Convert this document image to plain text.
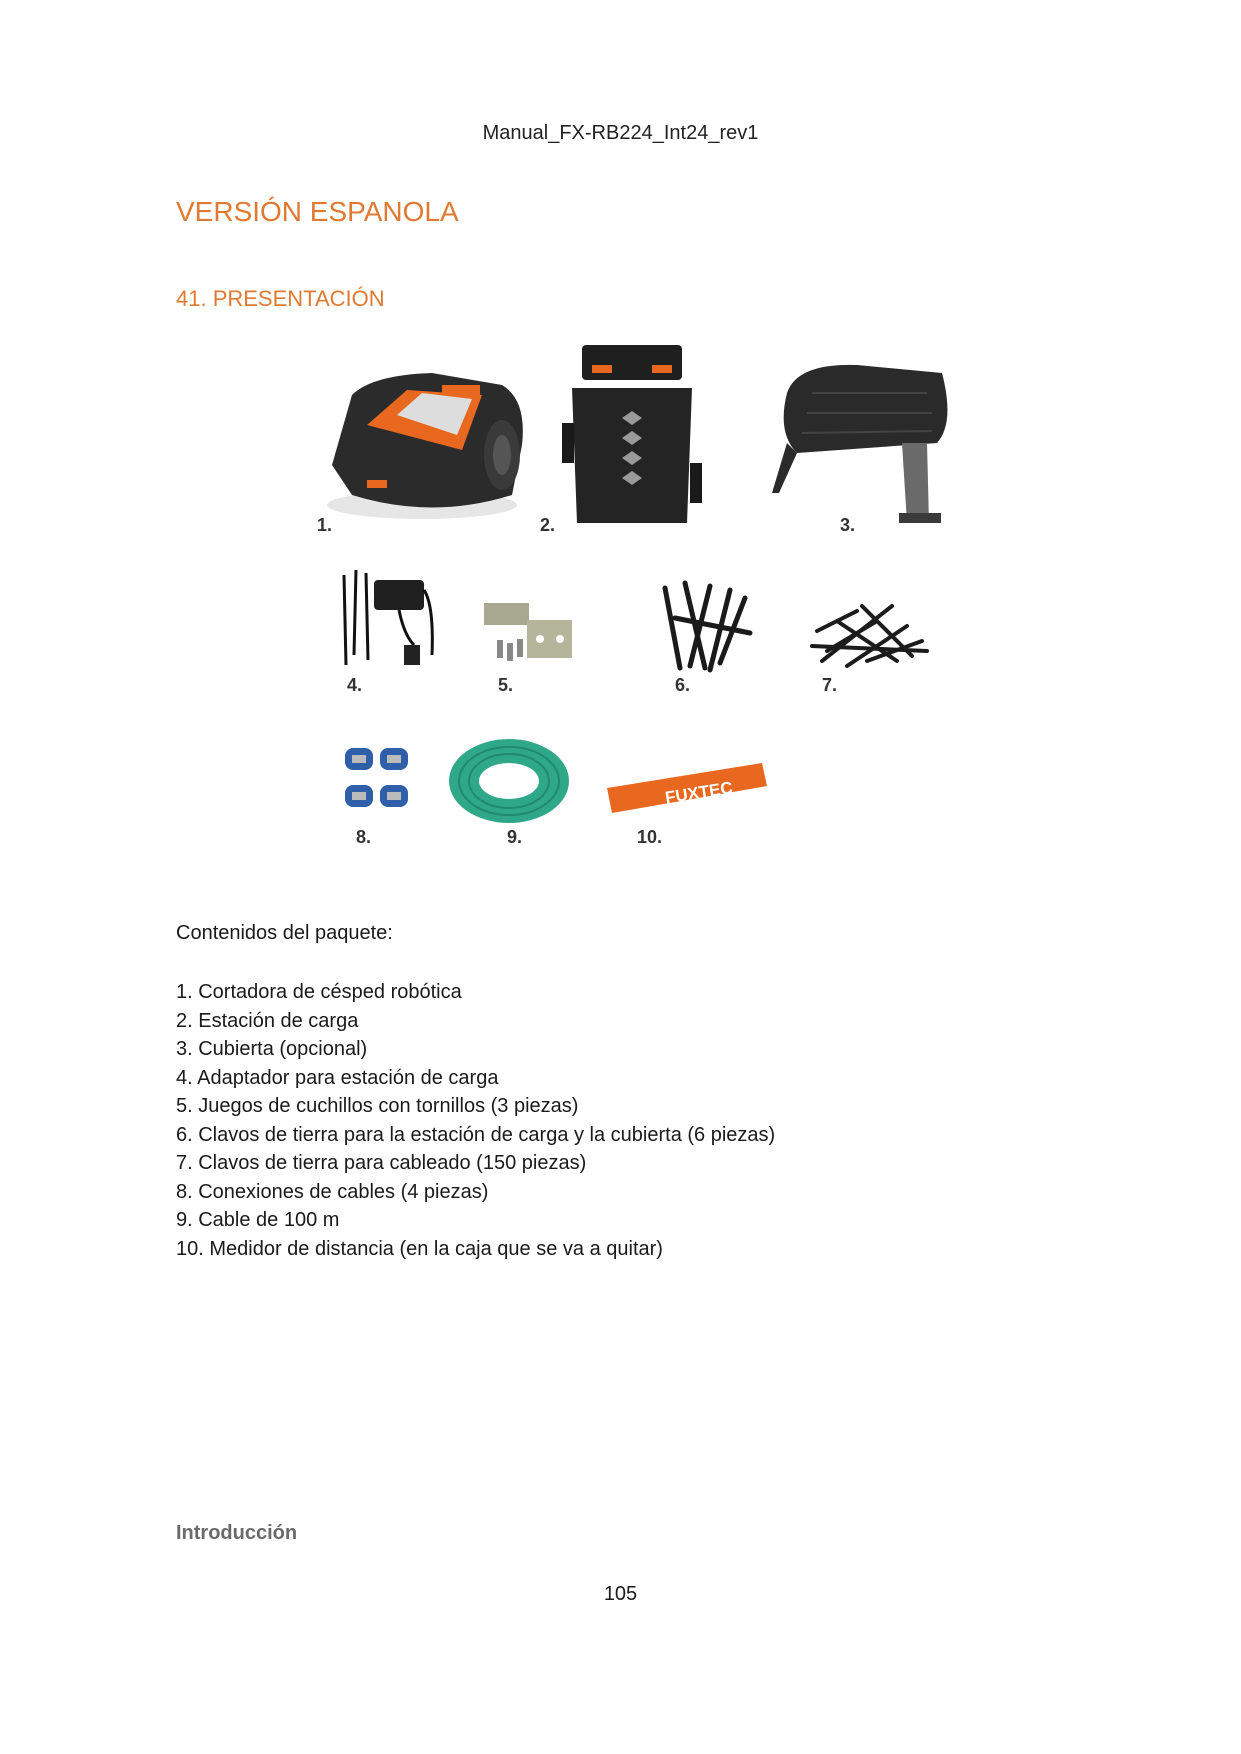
Manual_FX-RB224_Int24_rev1
VERSIÓN ESPANOLA
41. PRESENTACIÓN
FUXTEC
1.	2.	3.
4.	5.	6.	7.
8.	9.	10.
Contenidos del paquete:
1. Cortadora de césped robótica
2. Estación de carga
3. Cubierta (opcional)
4. Adaptador para estación de carga
5. Juegos de cuchillos con tornillos (3 piezas)
6. Clavos de tierra para la estación de carga y la cubierta (6 piezas)
7. Clavos de tierra para cableado (150 piezas)
8. Conexiones de cables (4 piezas)
9. Cable de 100 m
10. Medidor de distancia (en la caja que se va a quitar)
Introducción
105
